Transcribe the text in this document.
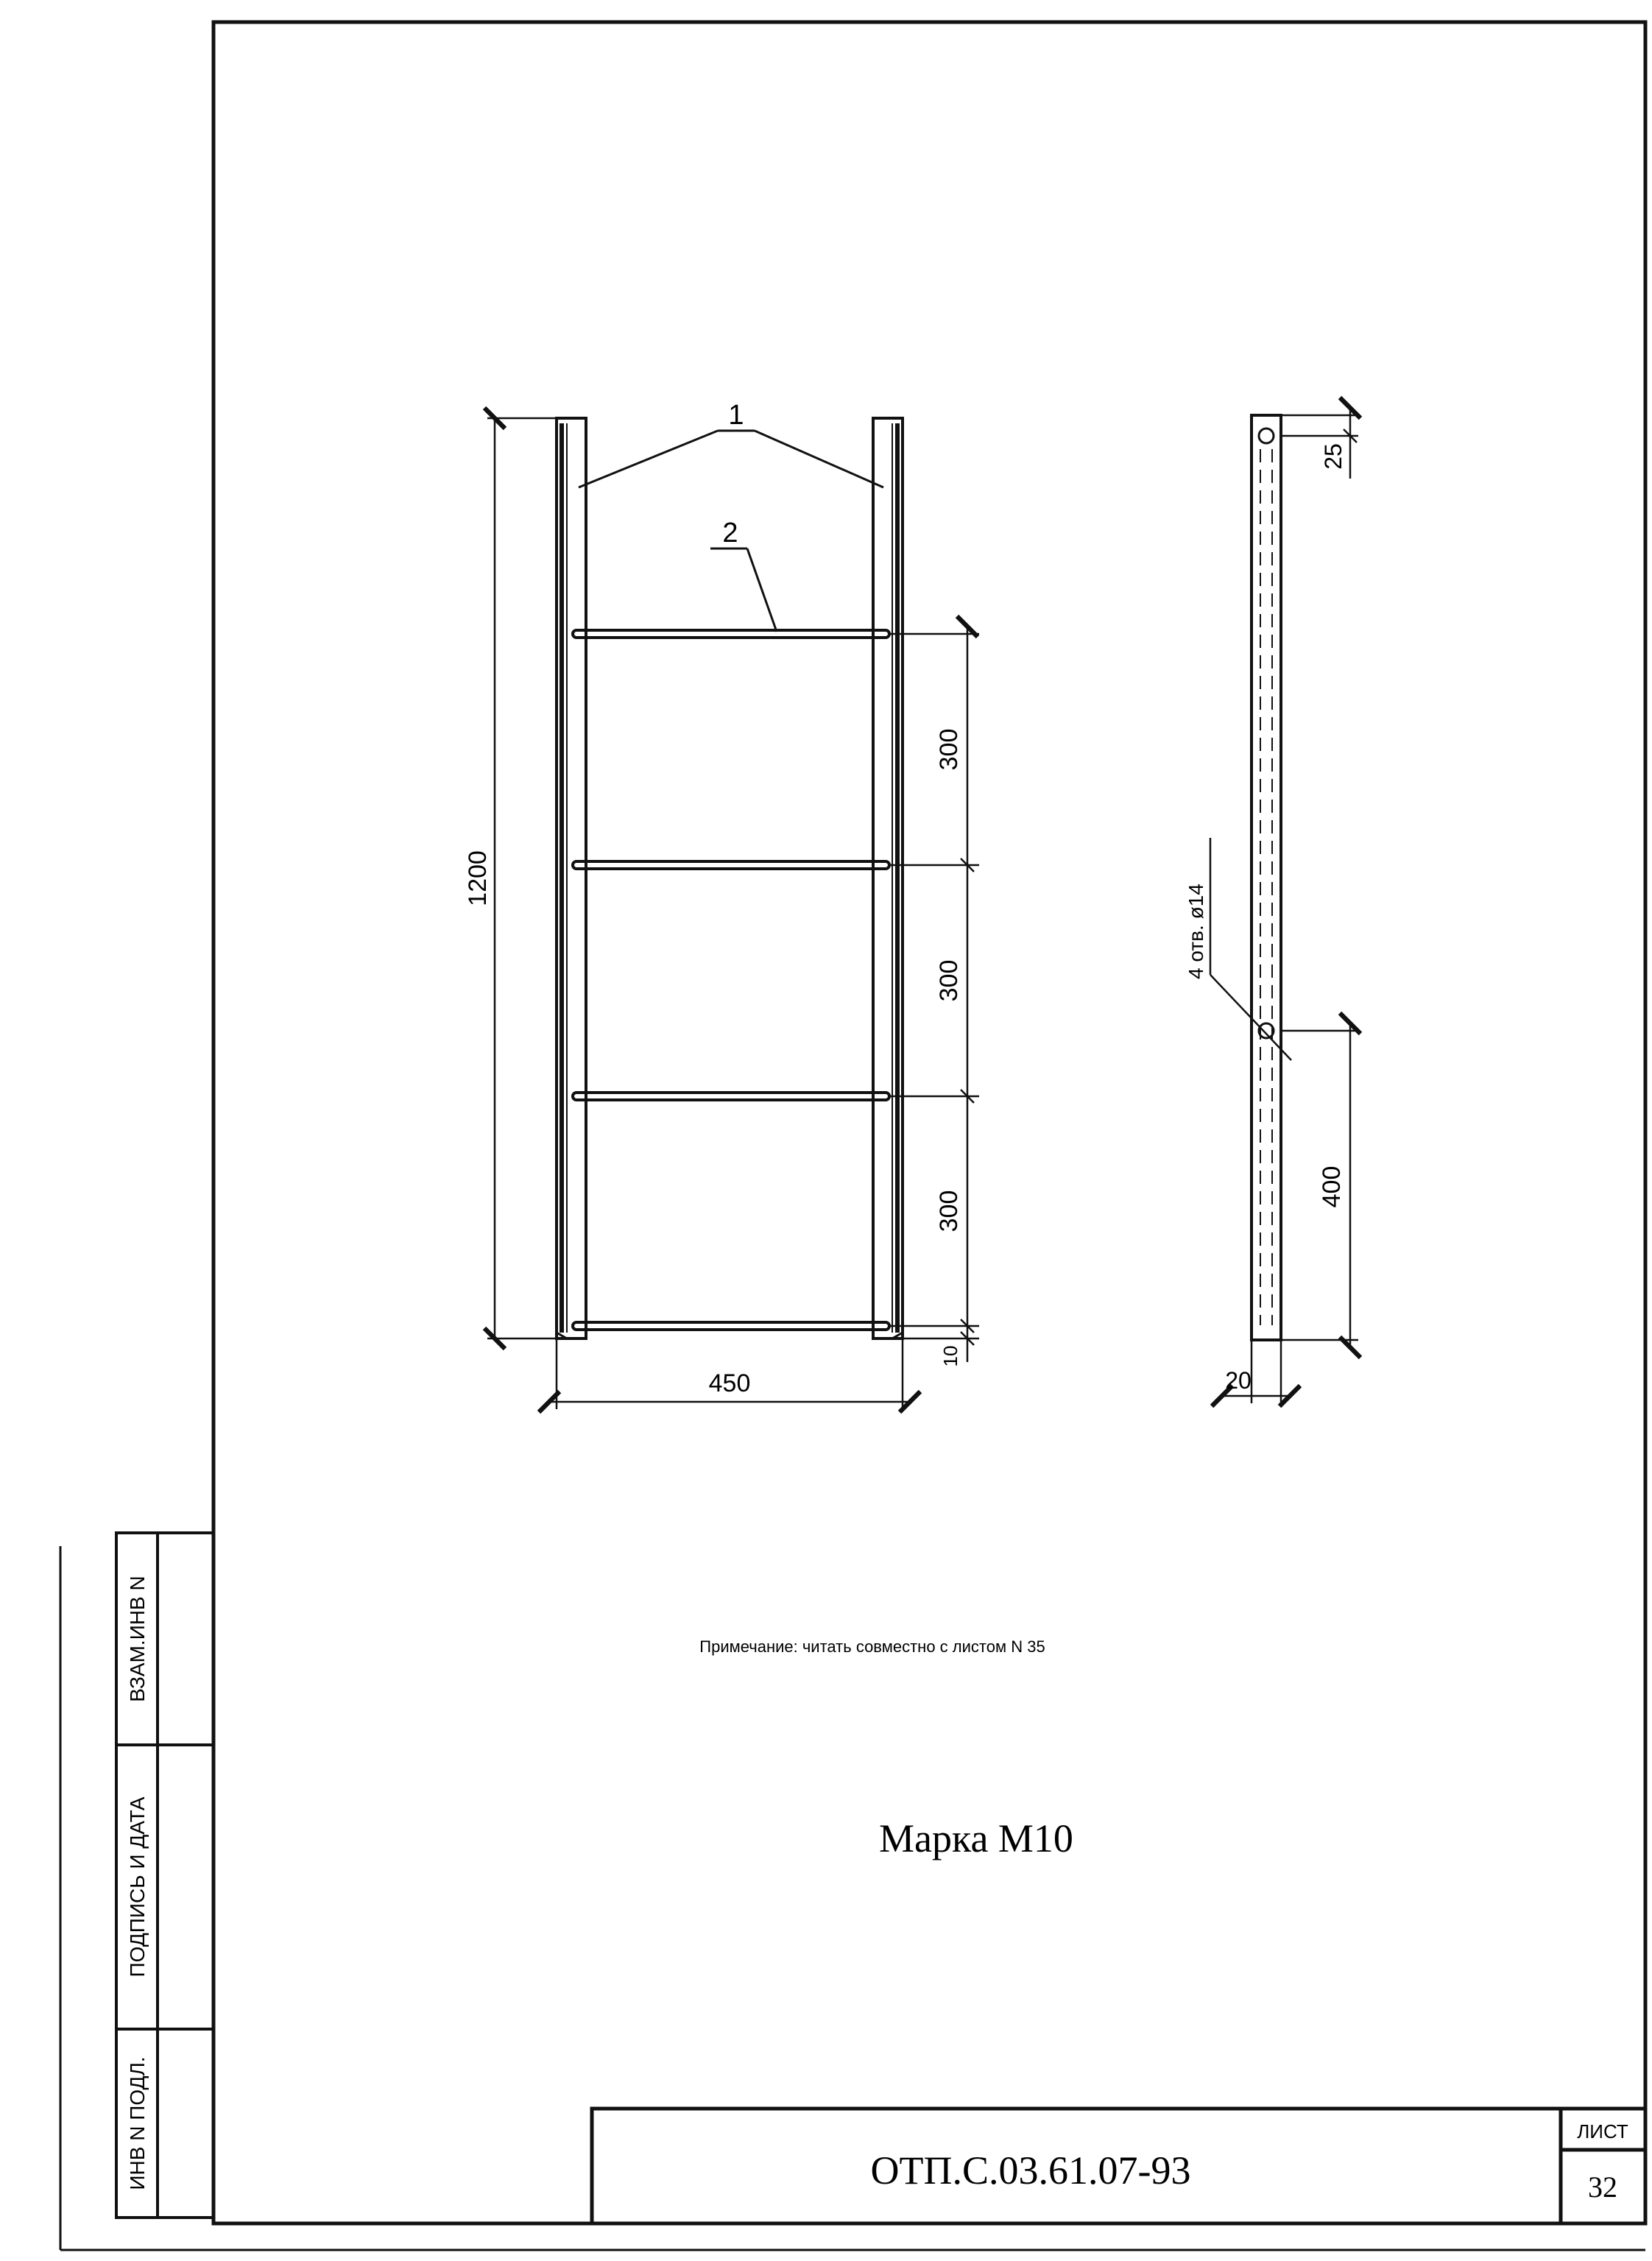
1
2
1200
450
300
300
300
10
25
400
20
4 отв. ø14
Примечание: читать совместно с листом N 35
Марка М10
ВЗАМ.ИНВ N
ПОДПИСЬ И ДАТА
ИНВ N ПОДЛ.	ОТП.С.03.61.07-93
ЛИСТ
32
